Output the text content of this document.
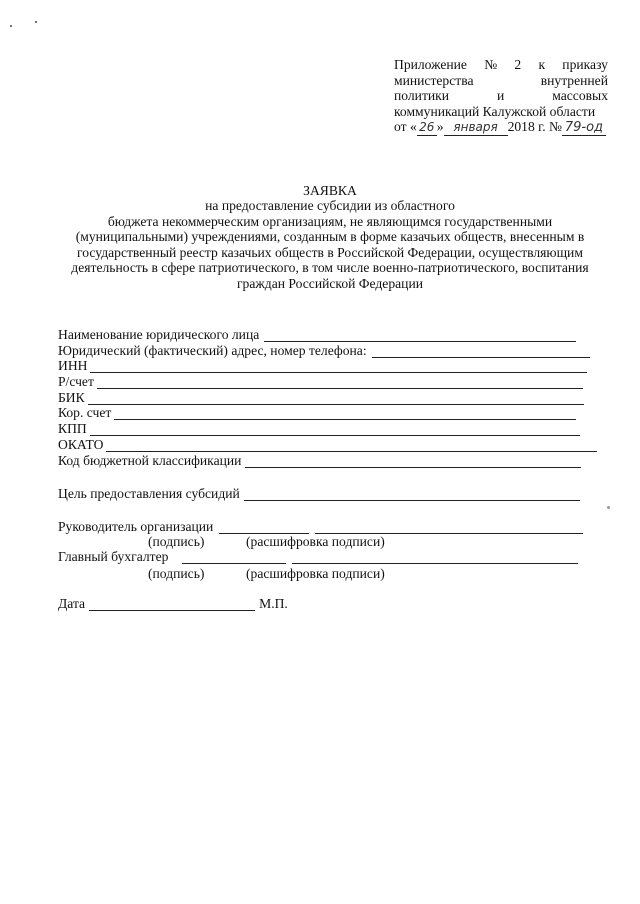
Приложение № 2 к приказу
министерства	внутренней
политики	и	массовых
коммуникаций Калужской области
от « 26 » января 2018 г. № 79-од
ЗАЯВКА
на предоставление субсидии из областного
бюджета некоммерческим организациям, не являющимся государственными
(муниципальными) учреждениями, созданным в форме казачьих обществ, внесенным в
государственный реестр казачьих обществ в Российской Федерации, осуществляющим
деятельность в сфере патриотического, в том числе военно-патриотического, воспитания
граждан Российской Федерации
Наименование юридического лица
Юридический (фактический) адрес, номер телефона:
ИНН
Р/счет
БИК
Кор. счет
КПП
ОКАТО
Код бюджетной классификации
Цель предоставления субсидий
Руководитель организации
(подпись)	(расшифровка подписи)
Главный бухгалтер
(подпись)	(расшифровка подписи)
Дата	М.П.
